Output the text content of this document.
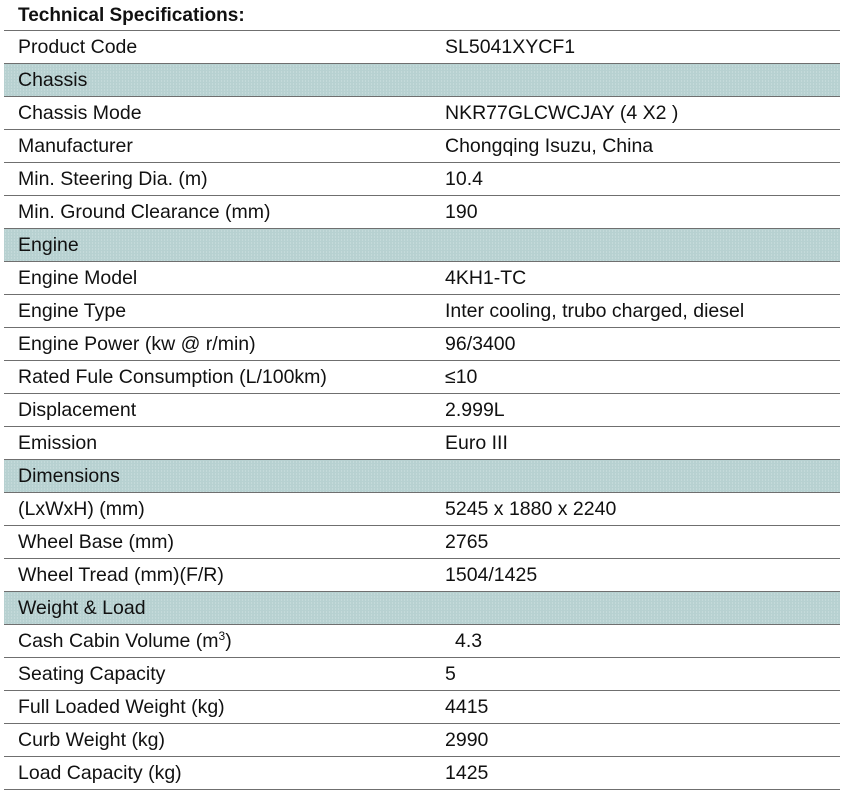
Technical Specifications:
Product Code	SL5041XYCF1
Chassis	
Chassis Mode	NKR77GLCWCJAY (4 X2 )
Manufacturer	Chongqing Isuzu, China
Min. Steering Dia. (m)	10.4
Min. Ground Clearance (mm)	190
Engine	
Engine Model	4KH1-TC
Engine Type	Inter cooling, trubo charged, diesel
Engine Power (kw @ r/min)	96/3400
Rated Fule Consumption (L/100km)	≤10
Displacement	2.999L
Emission	Euro III
Dimensions	
(LxWxH) (mm)	5245 x 1880 x 2240
Wheel Base (mm)	2765
Wheel Tread (mm)(F/R)	1504/1425
Weight & Load	
Cash Cabin Volume $(m^3)$	4.3
Seating Capacity	5
Full Loaded Weight (kg)	4415
Curb Weight (kg)	2990
Load Capacity (kg)	1425
